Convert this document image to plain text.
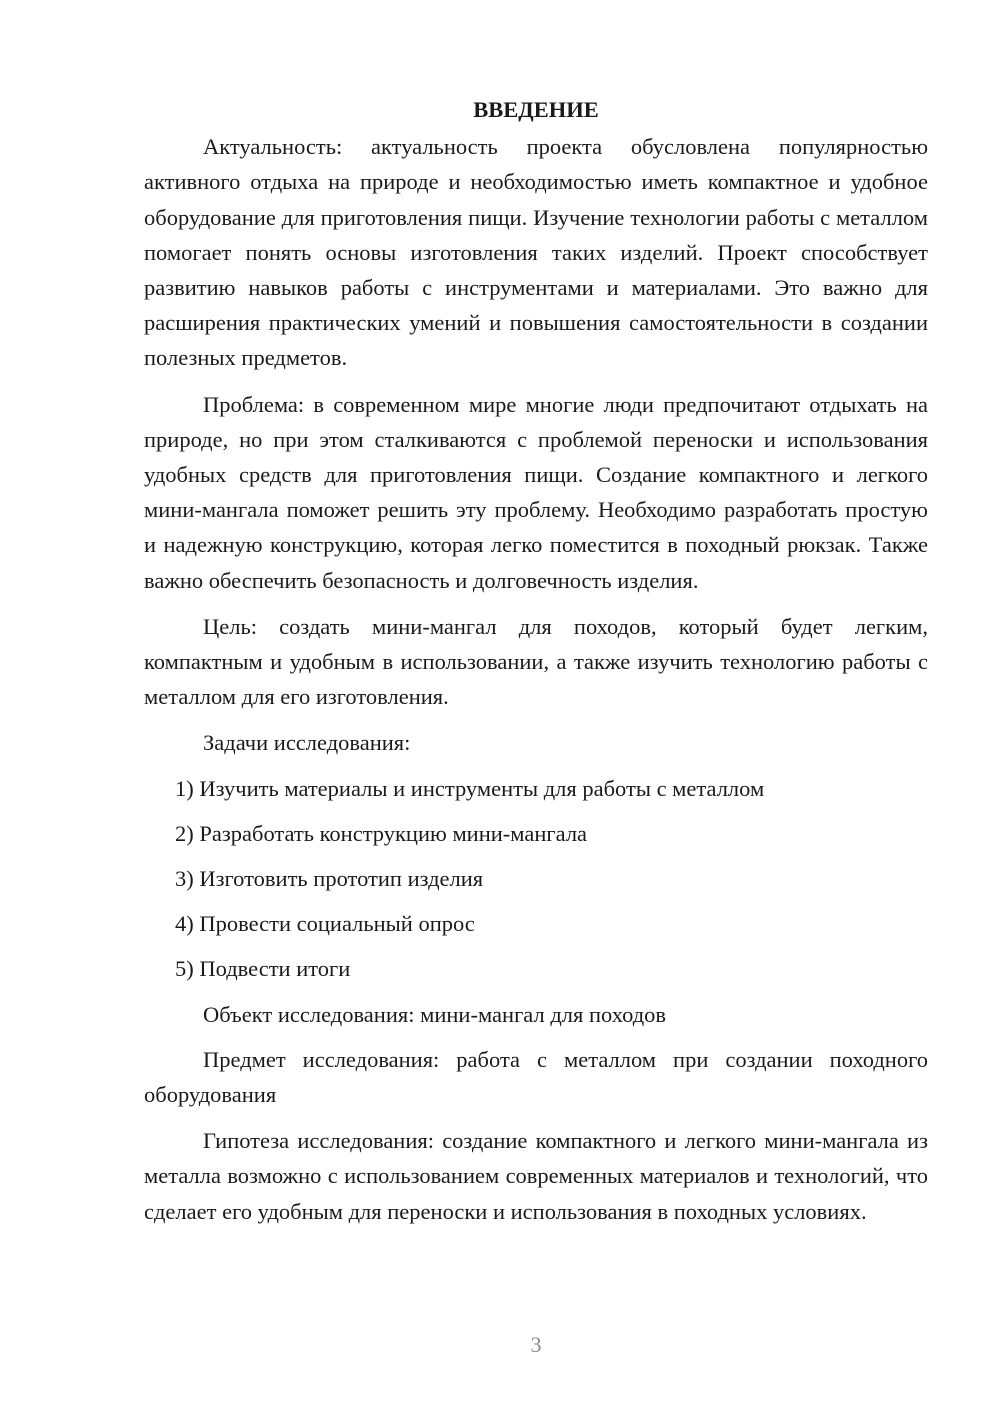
ВВЕДЕНИЕ

Актуальность: актуальность проекта обусловлена популярностью активного отдыха на природе и необходимостью иметь компактное и удобное оборудование для приготовления пищи. Изучение технологии работы с металлом помогает понять основы изготовления таких изделий. Проект способствует развитию навыков работы с инструментами и материалами. Это важно для расширения практических умений и повышения самостоятельности в создании полезных предметов.

Проблема: в современном мире многие люди предпочитают отдыхать на природе, но при этом сталкиваются с проблемой переноски и использования удобных средств для приготовления пищи. Создание компактного и легкого мини-мангала поможет решить эту проблему. Необходимо разработать простую и надежную конструкцию, которая легко поместится в походный рюкзак. Также важно обеспечить безопасность и долговечность изделия.

Цель: создать мини-мангал для походов, который будет легким, компактным и удобным в использовании, а также изучить технологию работы с металлом для его изготовления.

Задачи исследования:

1) Изучить материалы и инструменты для работы с металлом

2) Разработать конструкцию мини-мангала

3) Изготовить прототип изделия

4) Провести социальный опрос

5) Подвести итоги

Объект исследования: мини-мангал для походов

Предмет исследования: работа с металлом при создании походного оборудования

Гипотеза исследования: создание компактного и легкого мини-мангала из металла возможно с использованием современных материалов и технологий, что сделает его удобным для переноски и использования в походных условиях.

3
